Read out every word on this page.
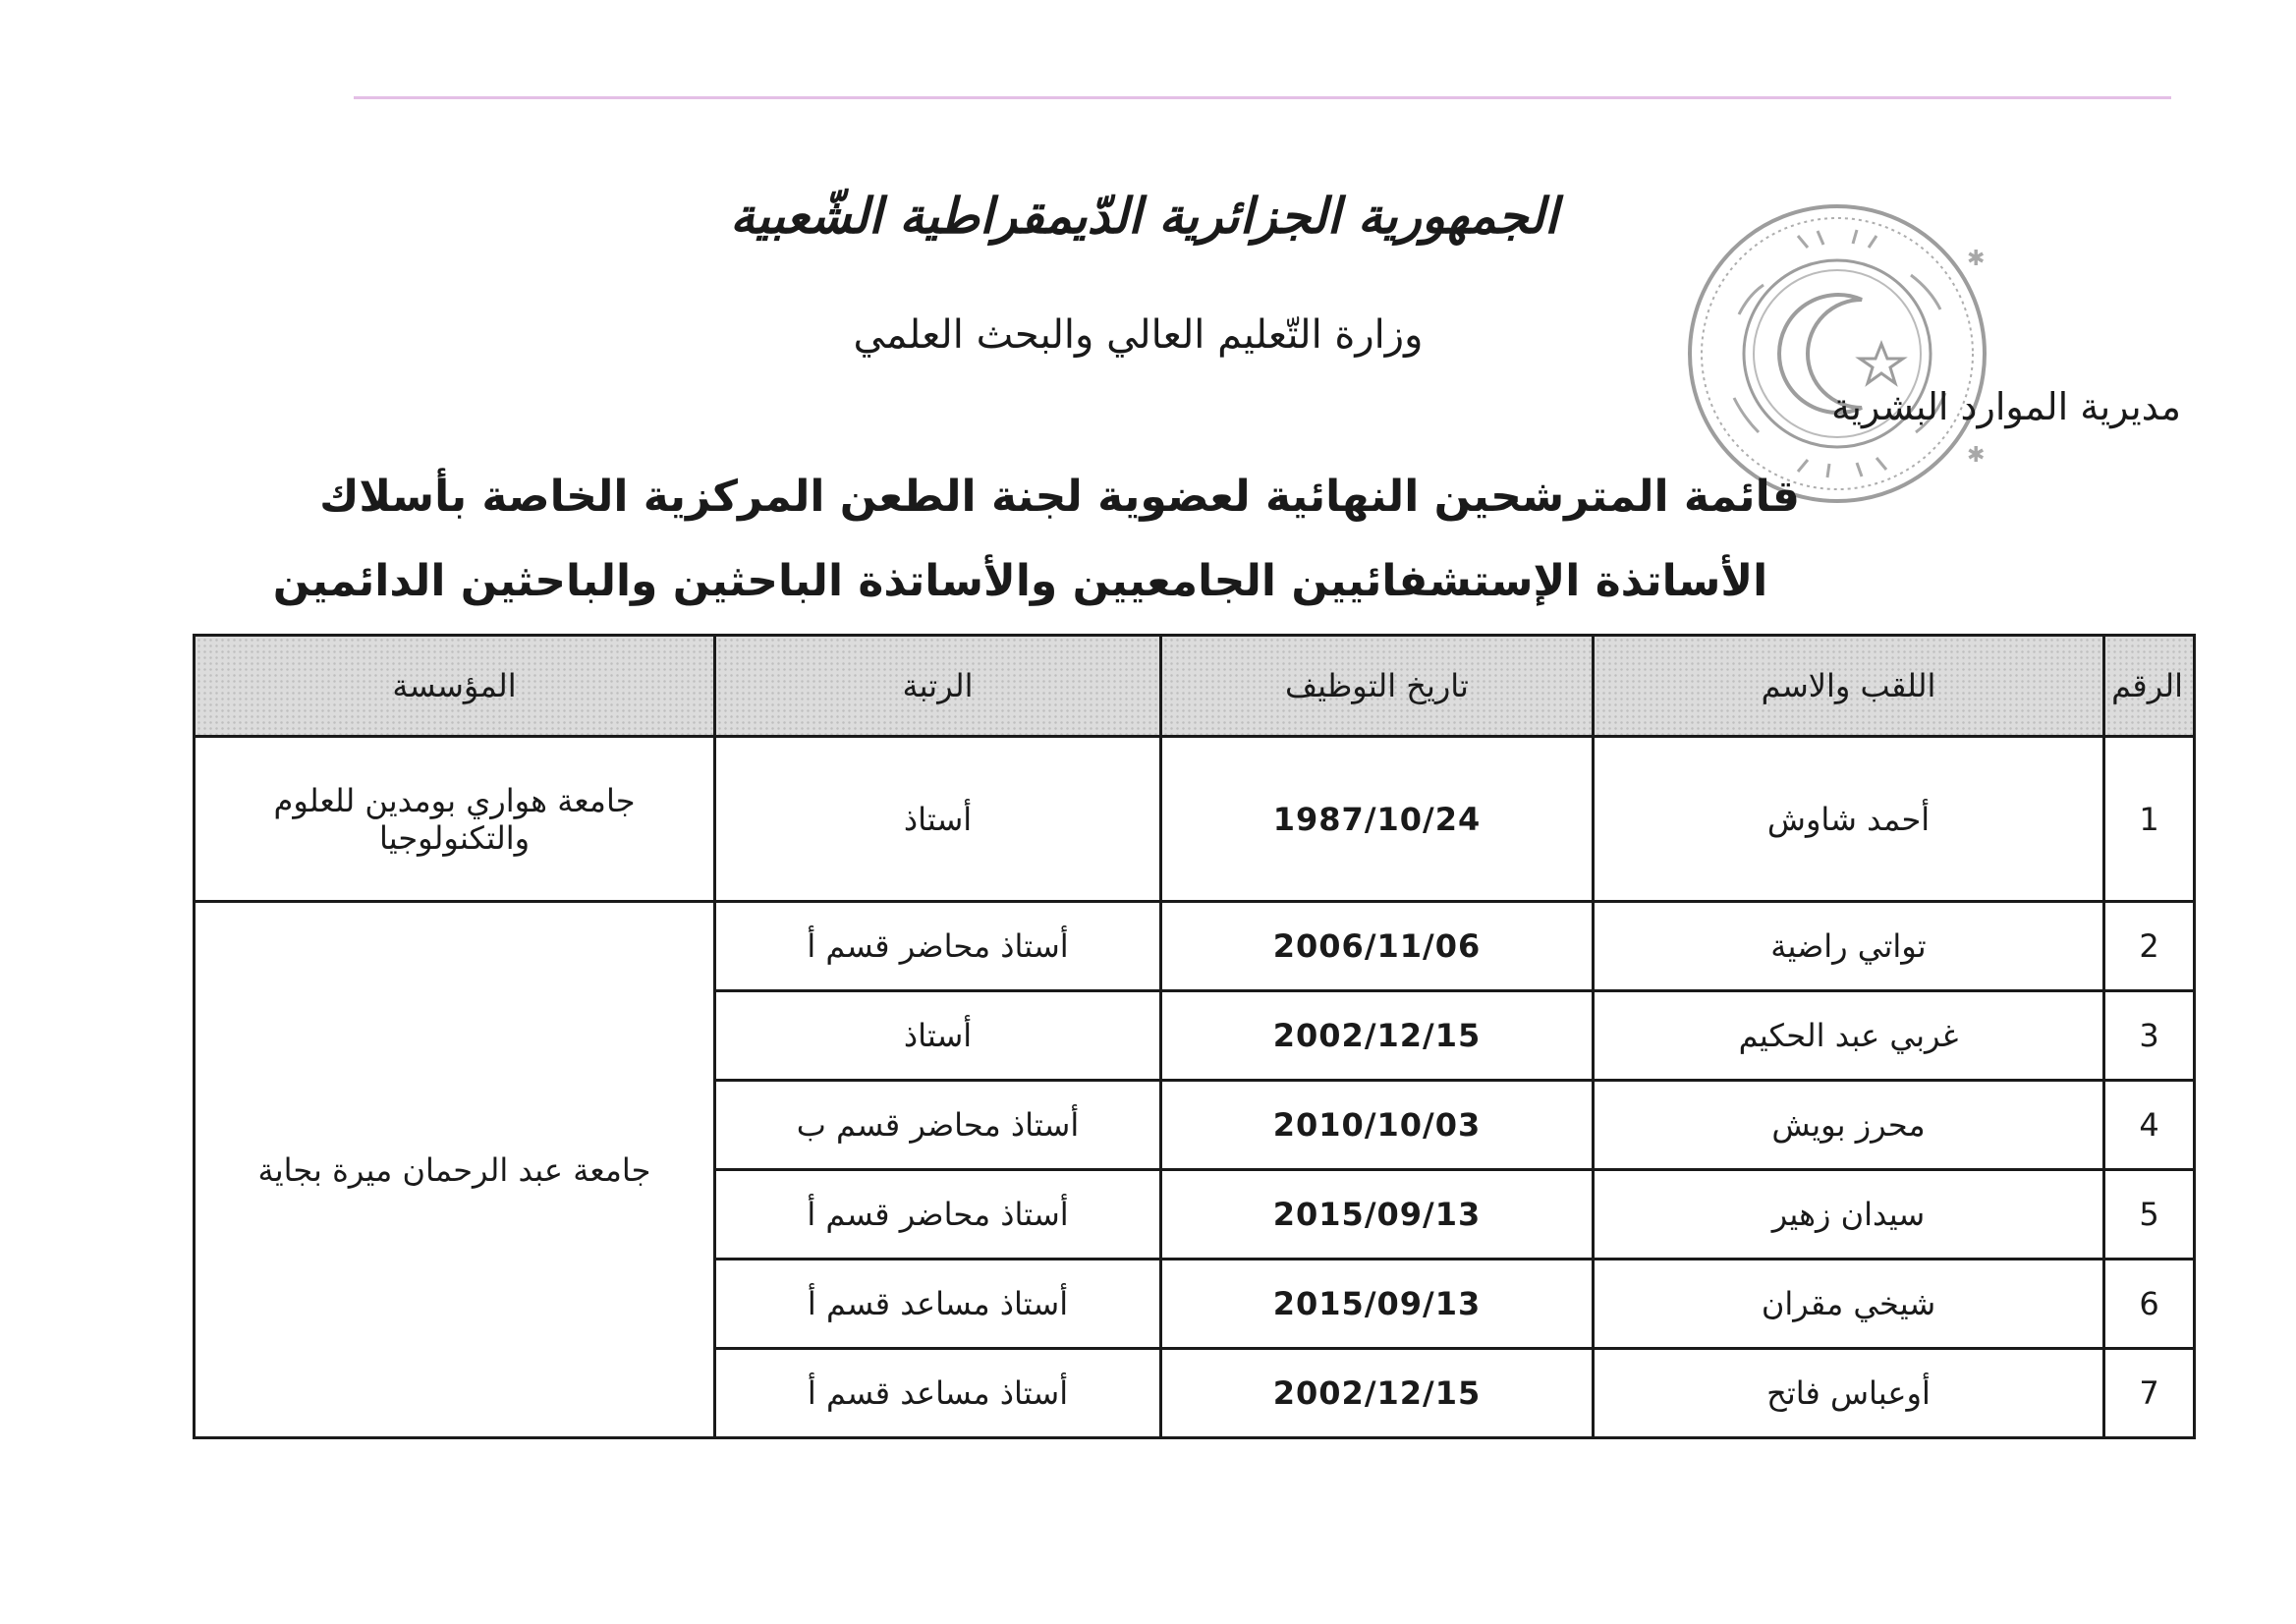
الجمهورية الجزائرية الدّيمقراطية الشّعبية
وزارة التّعليم العالي والبحث العلمي
✱
✱
مديرية الموارد البشرية
قائمة المترشحين النهائية لعضوية لجنة الطعن المركزية الخاصة بأسلاك
الأساتذة الإستشفائيين الجامعيين والأساتذة الباحثين والباحثين الدائمين
الرقم	اللقب والاسم	تاريخ التوظيف	الرتبة	المؤسسة
1	أحمد شاوش	1987/10/24	أستاذ	جامعة هواري بومدين للعلوم والتكنولوجيا
2	تواتي راضية	2006/11/06	أستاذ محاضر قسم أ	جامعة عبد الرحمان ميرة بجاية
3	غربي عبد الحكيم	2002/12/15	أستاذ	
4	محرز بويش	2010/10/03	أستاذ محاضر قسم ب	
5	سيدان زهير	2015/09/13	أستاذ محاضر قسم أ	
6	شيخي مقران	2015/09/13	أستاذ مساعد قسم أ	
7	أوعباس فاتح	2002/12/15	أستاذ مساعد قسم أ	
